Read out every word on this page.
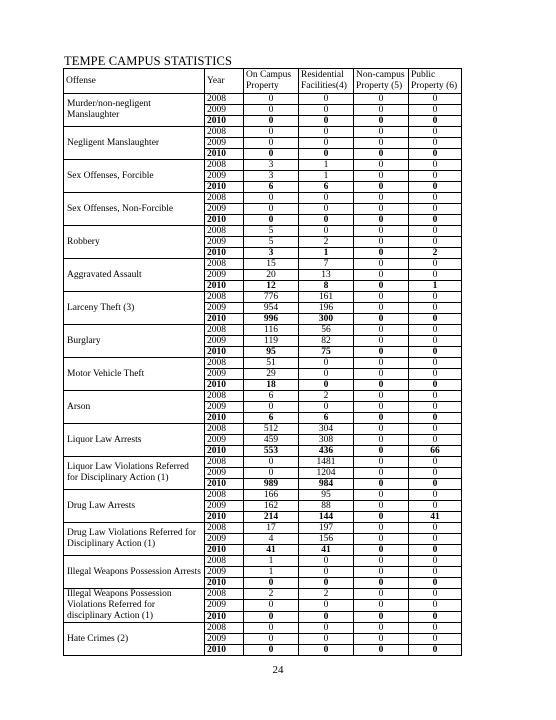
TEMPE CAMPUS STATISTICS
Offense	Year	On Campus Property	Residential Facilities(4)	Non-campus Property (5)	Public Property (6)
Murder/non-negligent Manslaughter	2008	0	0	0	0
	2009	0	0	0	0
	2010	0	0	0	0
Negligent Manslaughter	2008	0	0	0	0
	2009	0	0	0	0
	2010	0	0	0	0
Sex Offenses, Forcible	2008	3	1	0	0
	2009	3	1	0	0
	2010	6	6	0	0
Sex Offenses, Non-Forcible	2008	0	0	0	0
	2009	0	0	0	0
	2010	0	0	0	0
Robbery	2008	5	0	0	0
	2009	5	2	0	0
	2010	3	1	0	2
Aggravated Assault	2008	15	7	0	0
	2009	20	13	0	0
	2010	12	8	0	1
Larceny Theft (3)	2008	776	161	0	0
	2009	954	196	0	0
	2010	996	300	0	0
Burglary	2008	116	56	0	0
	2009	119	82	0	0
	2010	95	75	0	0
Motor Vehicle Theft	2008	51	0	0	0
	2009	29	0	0	0
	2010	18	0	0	0
Arson	2008	6	2	0	0
	2009	0	0	0	0
	2010	6	6	0	0
Liquor Law Arrests	2008	512	304	0	0
	2009	459	308	0	0
	2010	553	436	0	66
Liquor Law Violations Referred for Disciplinary Action (1)	2008	0	1481	0	0
	2009	0	1204	0	0
	2010	989	984	0	0
Drug Law Arrests	2008	166	95	0	0
	2009	162	88	0	0
	2010	214	144	0	41
Drug Law Violations Referred for Disciplinary Action (1)	2008	17	197	0	0
	2009	4	156	0	0
	2010	41	41	0	0
Illegal Weapons Possession Arrests	2008	1	0	0	0
	2009	1	0	0	0
	2010	0	0	0	0
Illegal Weapons Possession Violations Referred for disciplinary Action (1)	2008	2	2	0	0
	2009	0	0	0	0
	2010	0	0	0	0
Hate Crimes (2)	2008	0	0	0	0
	2009	0	0	0	0
	2010	0	0	0	0
24
